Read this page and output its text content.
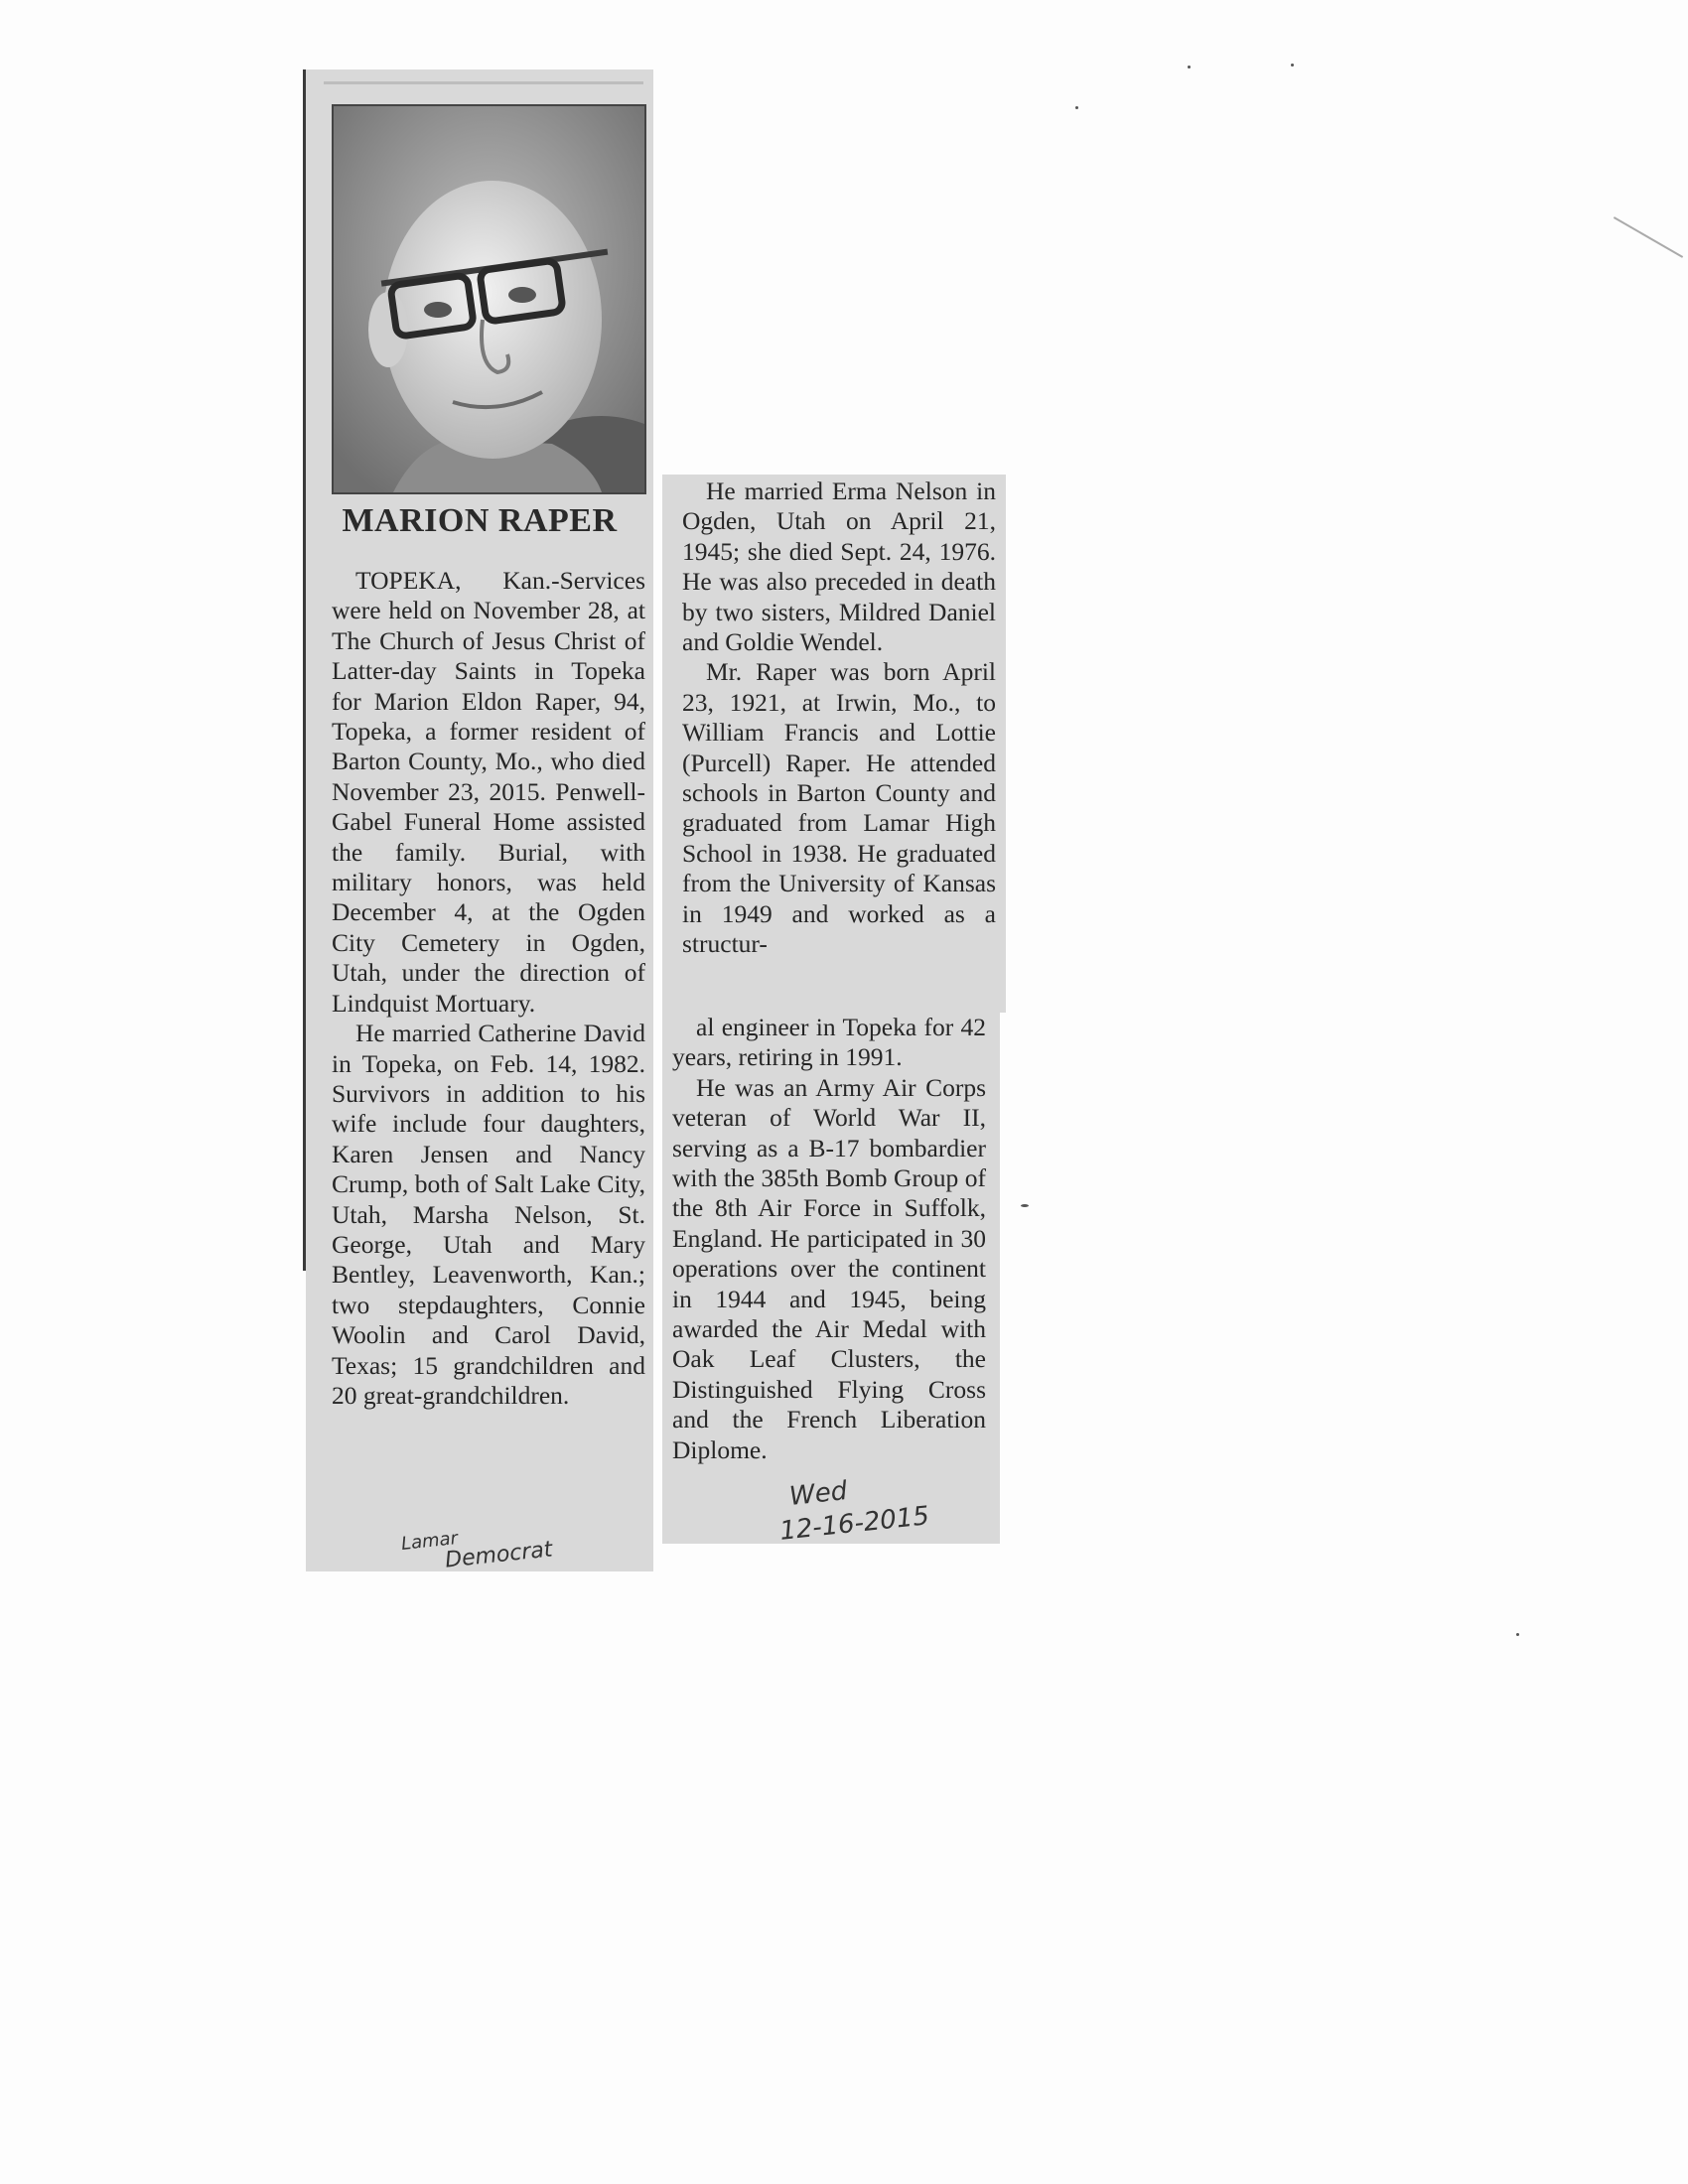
MARION RAPER

TOPEKA, Kan.-Services were held on November 28, at The Church of Jesus Christ of Latter-day Saints in Topeka for Marion Eldon Raper, 94, Topeka, a former resident of Barton County, Mo., who died November 23, 2015. Penwell-Gabel Funeral Home assisted the family. Burial, with military honors, was held December 4, at the Ogden City Cemetery in Ogden, Utah, under the direction of Lindquist Mortuary.

He married Catherine David in Topeka, on Feb. 14, 1982. Survivors in addition to his wife include four daughters, Karen Jensen and Nancy Crump, both of Salt Lake City, Utah, Marsha Nelson, St. George, Utah and Mary Bentley, Leavenworth, Kan.; two stepdaughters, Connie Woolin and Carol David, Texas; 15 grandchildren and 20 great-grandchildren.

Lamar
Democrat

He married Erma Nelson in Ogden, Utah on April 21, 1945; she died Sept. 24, 1976. He was also preceded in death by two sisters, Mildred Daniel and Goldie Wendel.

Mr. Raper was born April 23, 1921, at Irwin, Mo., to William Francis and Lottie (Purcell) Raper. He attended schools in Barton County and graduated from Lamar High School in 1938. He graduated from the University of Kansas in 1949 and worked as a structur-

al engineer in Topeka for 42 years, retiring in 1991.

He was an Army Air Corps veteran of World War II, serving as a B-17 bombardier with the 385th Bomb Group of the 8th Air Force in Suffolk, England. He participated in 30 operations over the continent in 1944 and 1945, being awarded the Air Medal with Oak Leaf Clusters, the Distinguished Flying Cross and the French Liberation Diplome.

Wed
12-16-2015
